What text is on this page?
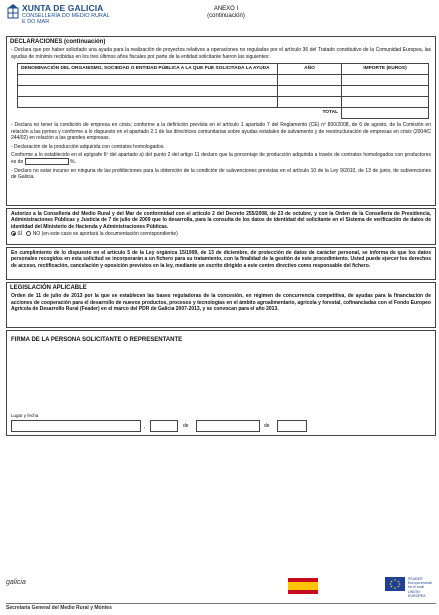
XUNTA DE GALICIA
CONSELLERÍA DO MEDIO RURAL
E DO MAR
ANEXO I
(continuación)
DECLARACIONES (continuación)
- Declara que por haber solicitado una ayuda para la realización de proyectos relativos a operaciones no reguladas por el artículo 36 del Tratado constitutivo de la Comunidad Europea, las ayudas de mínimis recibidas en los tres últimos años fiscales por parte de la entidad solicitante fueron las siguientes:
DENOMINACIÓN DEL ORGANISMO, SOCIEDAD O ENTIDAD PÚBLICA A LA QUE FUE SOLICITADA LA AYUDA	AÑO	IMPORTE (EUROS)

	TOTAL	
- Declara no tener la condición de empresa en crisis; conforme a la definición prevista en el artículo 1 apartado 7 del Reglamento (CE) nº 800/2008, de 6 de agosto, de la Comisión en relación a las pymes y conforme a lo dispuesto en el apartado 2.1 de las directrices comunitarias sobre ayudas estatales de salvamento y de reestructuración de empresas en crisis (2004/C 244/02) en relación a las grandes empresas.
- Declaración de la producción adquirida con contratos homologados.
Conforme a lo establecido en el epígrafe 6º del apartado a) del punto 2 del artigo 11 declaro que la porcentaje de producción adquirida a través de contratos homologados con productores es de	%.
- Declaro no estar incurso en ninguna de las prohibiciones para la obtención de la condición de subvenciones previstas en el artículo 10 de la Ley 9/2010, de 13 de junio, de subvenciones de Galicia.
Autorizo a la Consellería del Medio Rural y del Mar de conformidad con el artículo 2 del Decreto 255/2008, de 23 de octubre, y con la Orden de la Consellería de Presidencia, Administraciones Públicas y Justicia de 7 de julio de 2009 que lo desarrolla, para la consulta de los datos de identidad del solicitante en el Sistema de verificación de datos de identidad del Ministerio de Hacienda y Administraciones Públicas.
SÍ NO (en este caso se aportará la documentación correspondiente)
En cumplimiento de lo dispuesto en el artículo 5 de la Ley orgánica 15/1999, de 13 de diciembre, de protección de datos de carácter personal, se informa de que los datos personales recogidos en esta solicitud se incorporarán a un fichero para su tratamiento, con la finalidad de la gestión de este procedimiento. Usted puede ejercer los derechos de acceso, rectificación, cancelación y oposición previstos en la ley, mediante un escrito dirigido a este centro directivo como responsable del fichero.
LEGISLACIÓN APLICABLE
Orden de 11 de julio de 2013 por la que se establecen las bases reguladoras de la concesión, en régimen de concurrencia competitiva, de ayudas para la financiación de acciones de cooperación para el desarrollo de nuevos productos, procesos y tecnologías en el ámbito agroalimentario, agrícola y forestal, cofinanciadas con el Fondo Europeo Agrícola de Desarrollo Rural (Feader) en el marco del PDR de Galicia 2007-2013, y se convocan para el año 2013.
FIRMA DE LA PERSONA SOLICITANTE O REPRESENTANTE
Lugar y fecha
,	de	de
galicia	FEADER
Europa invierte
en el rural
UNIÓN EUROPEA
Secretaría General del Medio Rural y Montes
